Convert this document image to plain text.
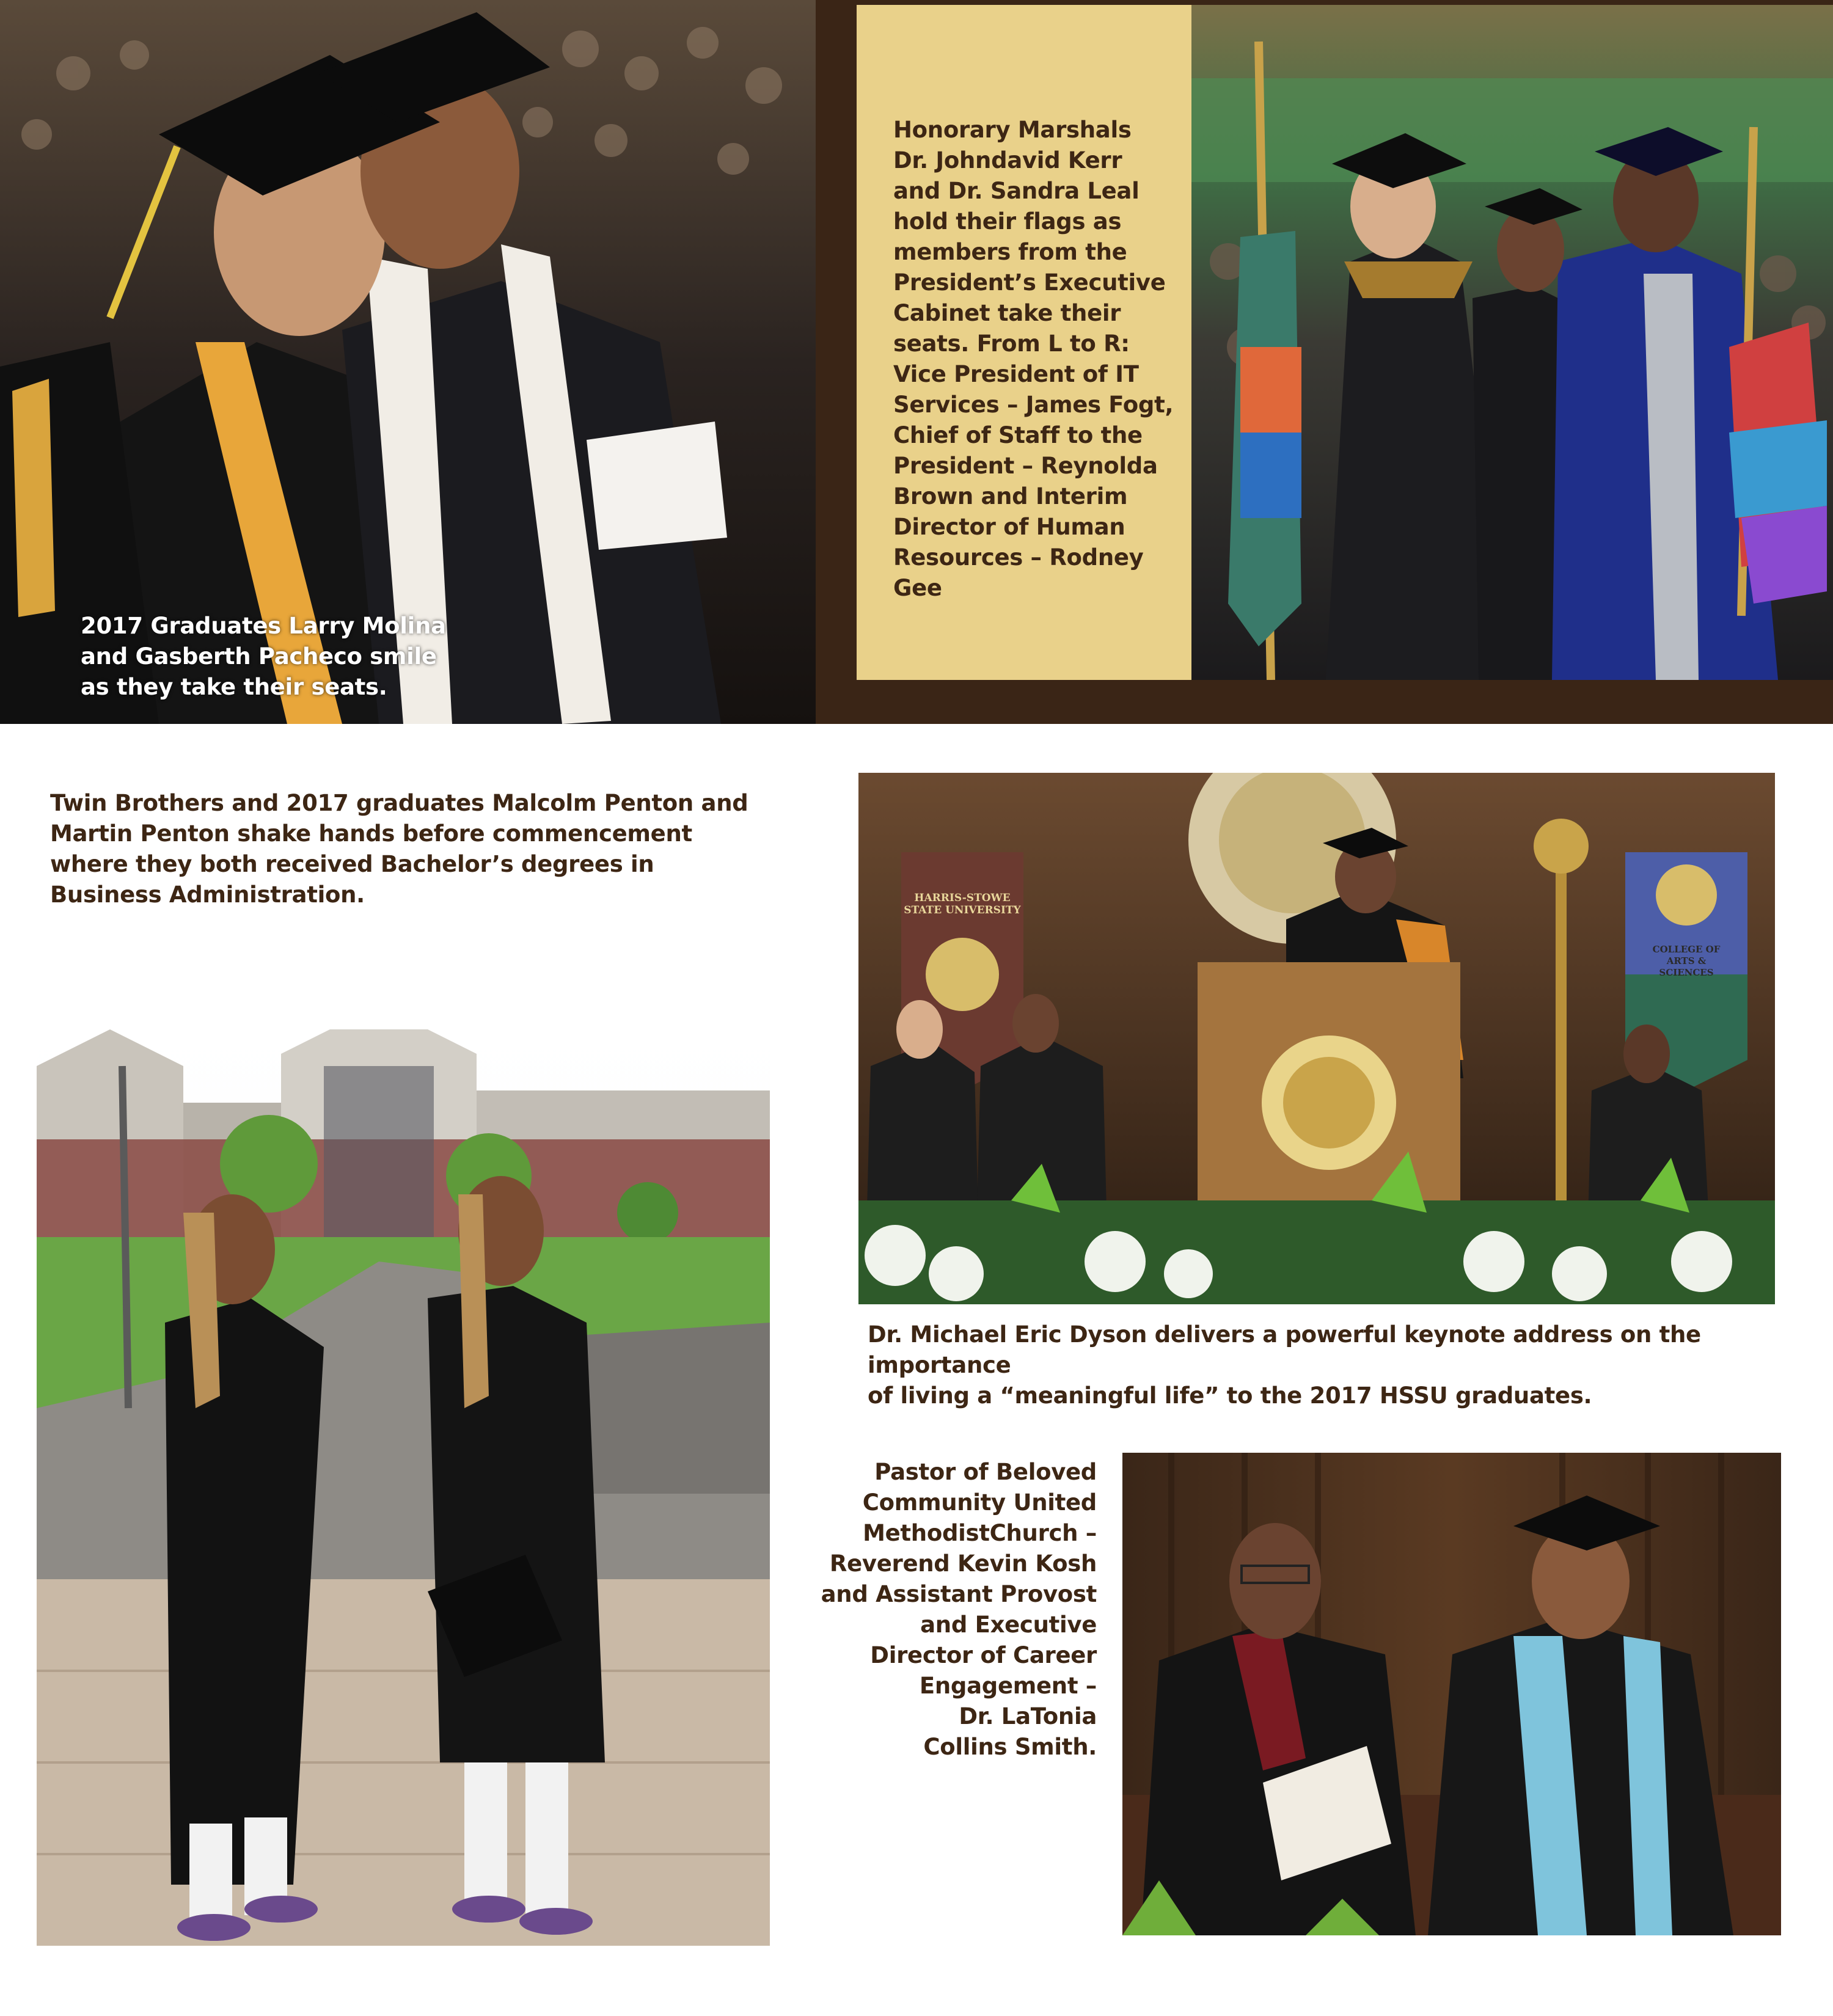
2017 Graduates Larry Molina
and Gasberth Pacheco smile
as they take their seats.

Honorary Marshals
Dr. Johndavid Kerr
and Dr. Sandra Leal
hold their flags as
members from the
President’s Executive
Cabinet take their
seats. From L to R:
Vice President of IT
Services – James Fogt,
Chief of Staff to the
President – Reynolda
Brown and Interim
Director of Human
Resources – Rodney Gee

Twin Brothers and 2017 graduates Malcolm Penton and
Martin Penton shake hands before commencement
where they both received Bachelor’s degrees in
Business Administration.	HARRIS-STOWE
STATE UNIVERSITY
COLLEGE OF
ARTS &
SCIENCES

Dr. Michael Eric Dyson delivers a powerful keynote address on the importance
of living a “meaningful life” to the 2017 HSSU graduates.

Pastor of Beloved
Community United
MethodistChurch –
Reverend Kevin Kosh
and Assistant Provost
and Executive
Director of Career
Engagement –
Dr. LaTonia
Collins Smith.
